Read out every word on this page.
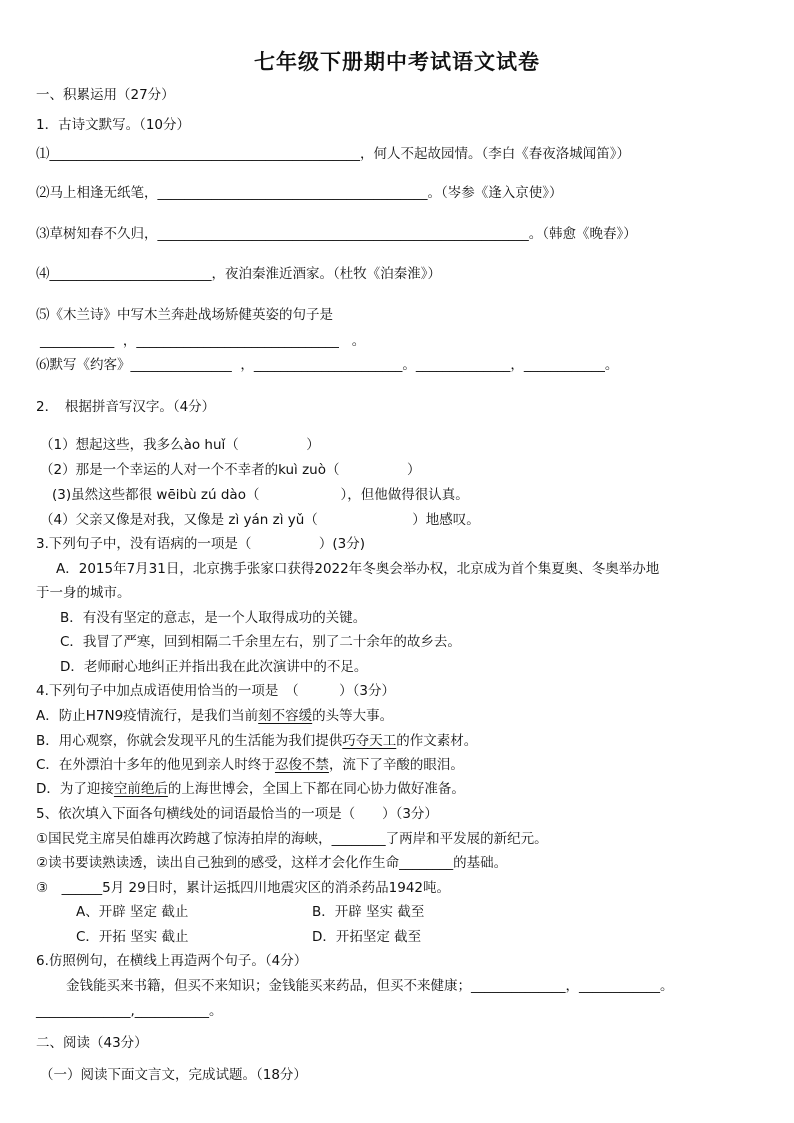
七年级下册期中考试语文试卷
一、积累运用（27分）
1．古诗文默写。（10分）
⑴______________________________________________，何人不起故园情。（李白《春夜洛城闻笛》）
⑵马上相逢无纸笔，________________________________________。（岑参《逢入京使》）
⑶草树知春不久归，_______________________________________________________。（韩愈《晚春》）
⑷________________________，夜泊秦淮近酒家。（杜牧《泊秦淮》）
⑸《木兰诗》中写木兰奔赴战场矫健英姿的句子是
___________ ，______________________________ 。
⑹默写《约客》_______________ ，______________________。______________，____________。
2．　根据拼音写汉字。（4分）
（1）想起这些，我多么ào huǐ（　　　　　）
（2）那是一个幸运的人对一个不幸者的kuì zuò（　　　　　）
(3)虽然这些都很 wēibù zú dào（　　　　　　），但他做得很认真。
（4）父亲又像是对我，又像是 zì yán zì yǔ（　　　　　　　）地感叹。
3.下列句子中，没有语病的一项是（　　　　　）(3分)
A．2015年7月31日，北京携手张家口获得2022年冬奥会举办权，北京成为首个集夏奥、冬奥举办地
于一身的城市。
B．有没有坚定的意志，是一个人取得成功的关键。
C．我冒了严寒，回到相隔二千余里左右，别了二十余年的故乡去。
D．老师耐心地纠正并指出我在此次演讲中的不足。
4.下列句子中加点成语使用恰当的一项是　（　　　）（3分）
A．防止H7N9疫情流行，是我们当前刻不容缓的头等大事。
B．用心观察，你就会发现平凡的生活能为我们提供巧夺天工的作文素材。
C．在外漂泊十多年的他见到亲人时终于忍俊不禁，流下了辛酸的眼泪。
D．为了迎接空前绝后的上海世博会，全国上下都在同心协力做好准备。
5、依次填入下面各句横线处的词语最恰当的一项是（　　）（3分）
①国民党主席吴伯雄再次跨越了惊涛拍岸的海峡，________了两岸和平发展的新纪元。
②读书要读熟读透，读出自己独到的感受，这样才会化作生命________的基础。
③　______5月 29日时，累计运抵四川地震灾区的消杀药品1942吨。
A、开辟 坚定 截止	B．开辟 坚实 截至
C．开拓 坚实 截止	D．开拓坚定 截至
6.仿照例句，在横线上再造两个句子。（4分）
金钱能买来书籍，但买不来知识；金钱能买来药品，但买不来健康；______________，____________。
______________,___________。
二、阅读（43分）
（一）阅读下面文言文，完成试题。（18分）
